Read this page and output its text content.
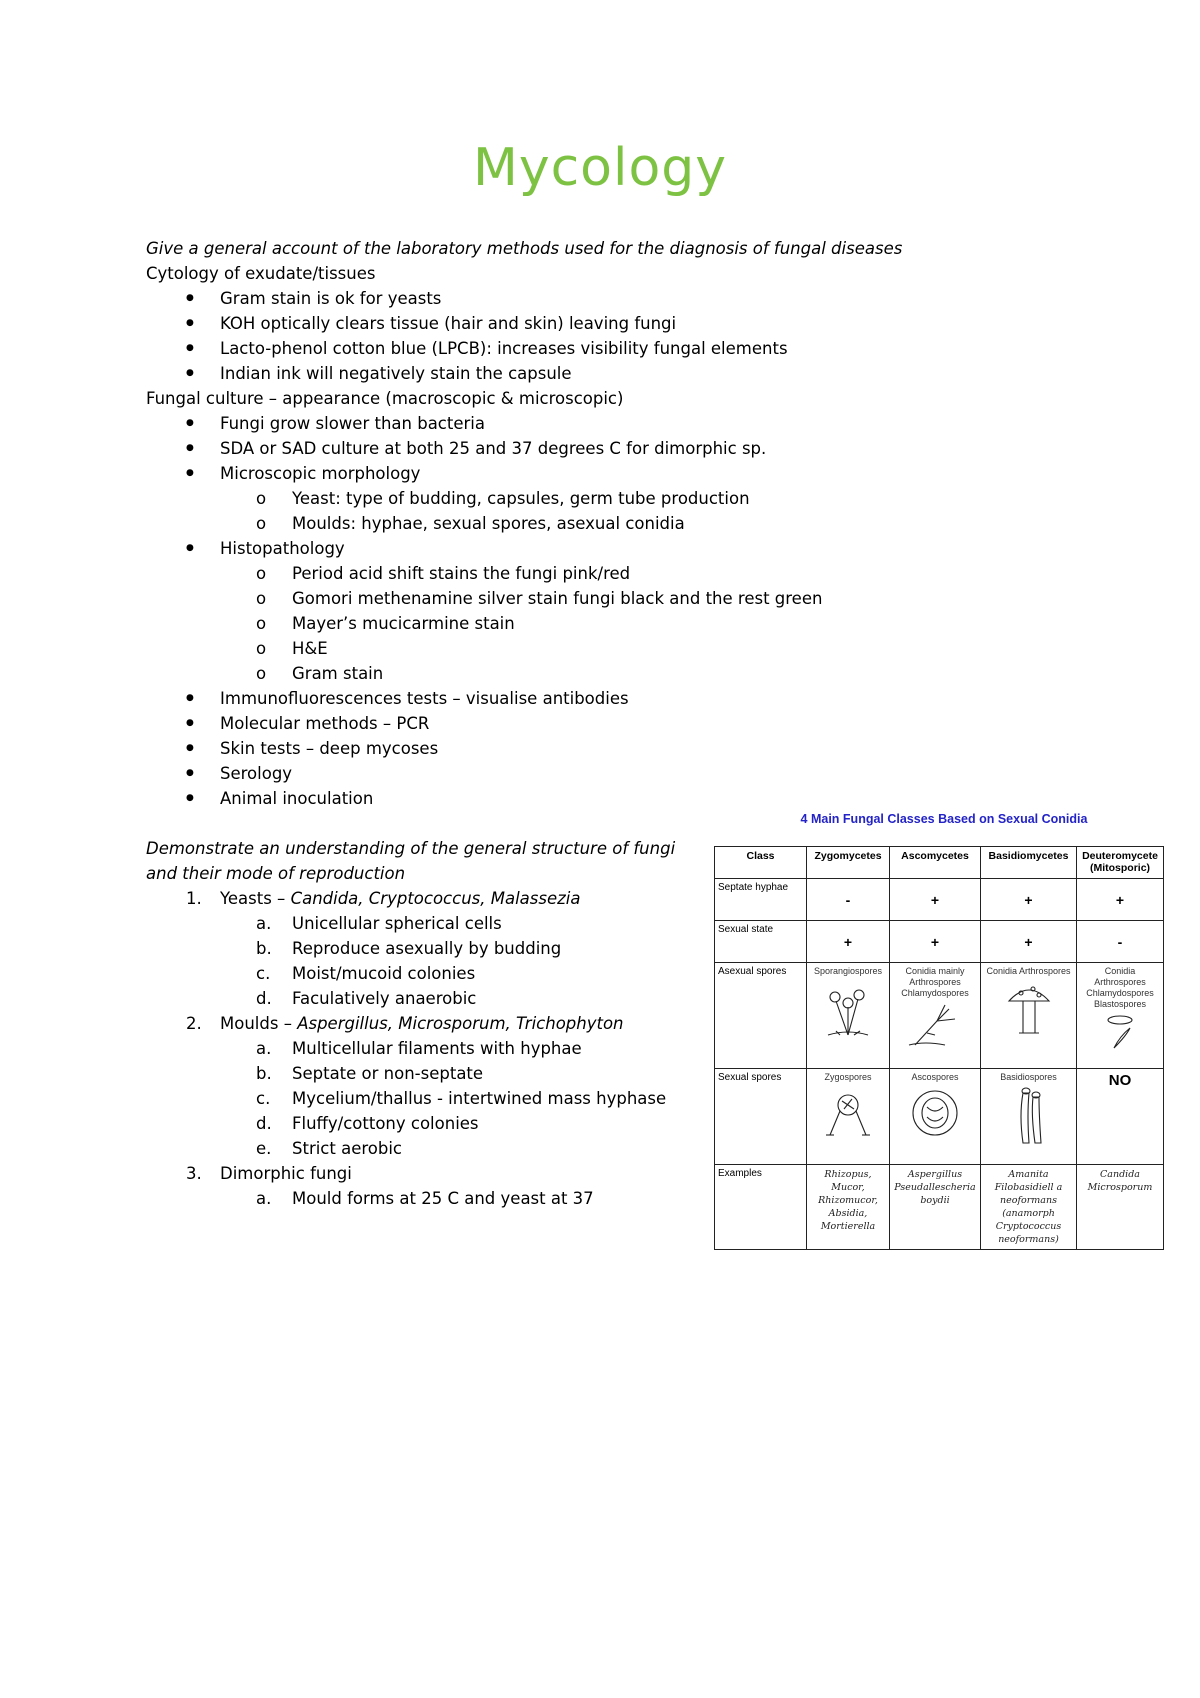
Mycology
Give a general account of the laboratory methods used for the diagnosis of fungal diseases
Cytology of exudate/tissues
● Gram stain is ok for yeasts
● KOH optically clears tissue (hair and skin) leaving fungi
● Lacto-phenol cotton blue (LPCB): increases visibility fungal elements
● Indian ink will negatively stain the capsule
Fungal culture – appearance (macroscopic & microscopic)
● Fungi grow slower than bacteria
● SDA or SAD culture at both 25 and 37 degrees C for dimorphic sp.
● Microscopic morphology
o Yeast: type of budding, capsules, germ tube production
o Moulds: hyphae, sexual spores, asexual conidia
● Histopathology
o Period acid shift stains the fungi pink/red
o Gomori methenamine silver stain fungi black and the rest green
o Mayer’s mucicarmine stain
o H&E
o Gram stain
● Immunofluorescences tests – visualise antibodies
● Molecular methods – PCR
● Skin tests – deep mycoses
● Serology
● Animal inoculation
Demonstrate an understanding of the general structure of fungi
and their mode of reproduction
1. Yeasts – Candida, Cryptococcus, Malassezia
a. Unicellular spherical cells
b. Reproduce asexually by budding
c. Moist/mucoid colonies
d. Faculatively anaerobic
2. Moulds – Aspergillus, Microsporum, Trichophyton
a. Multicellular filaments with hyphae
b. Septate or non-septate
c. Mycelium/thallus - intertwined mass hyphase
d. Fluffy/cottony colonies
e. Strict aerobic
3. Dimorphic fungi
a. Mould forms at 25 C and yeast at 37
4 Main Fungal Classes Based on Sexual Conidia
Class	Zygomycetes	Ascomycetes	Basidiomycetes	Deuteromycete (Mitosporic)
Septate hyphae	-	+	+	+
Sexual state	+	+	+	-
Asexual spores	Sporangiospores	Conidia mainly Arthrospores Chlamydospores	Conidia Arthrospores	Conidia Arthrospores Chlamydospores Blastospores

Sexual spores	Zygospores	Ascospores	Basidiospores	NO
Examples	Rhizopus, Mucor, Rhizomucor, Absidia, Mortierella	Aspergillus Pseudallescheria boydii	Amanita Filobasidiell a neoformans (anamorph Cryptococcus neoformans)	Candida Microsporum
